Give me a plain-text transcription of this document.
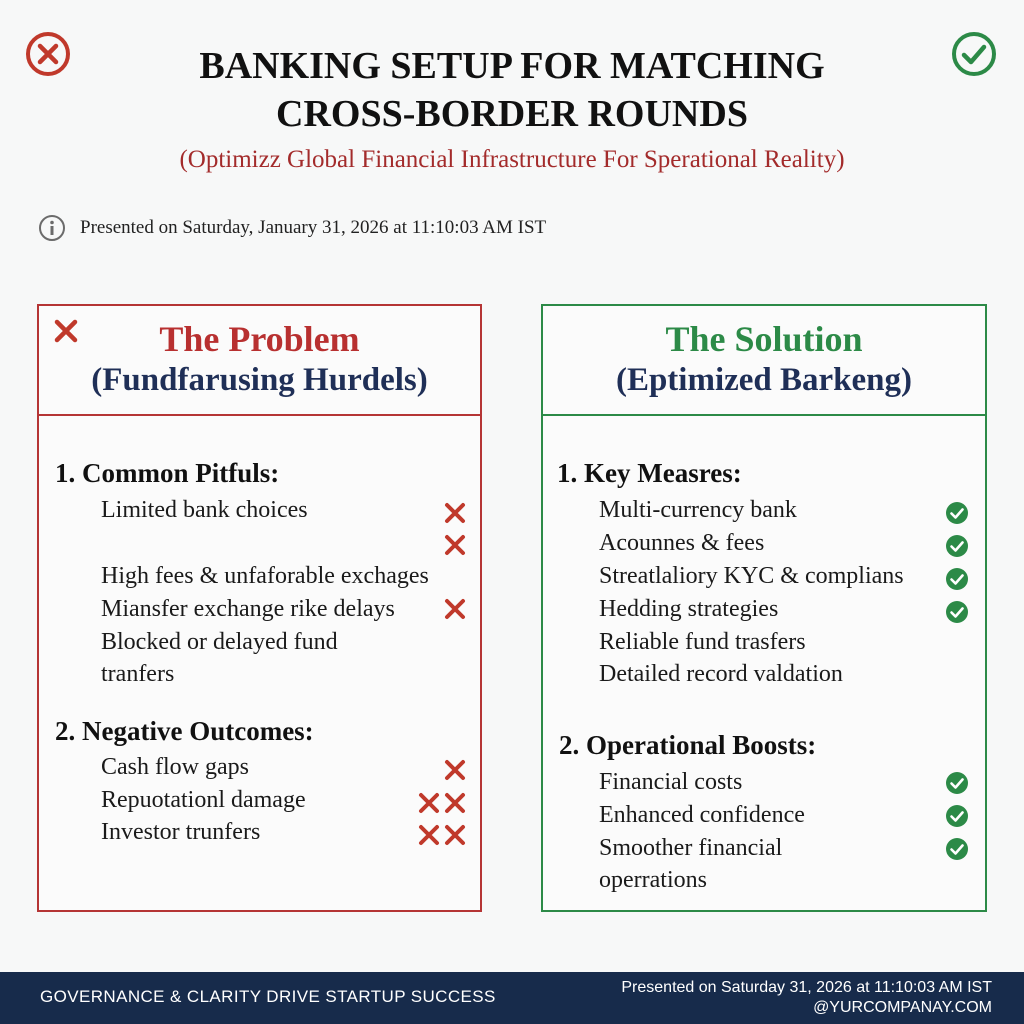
BANKING SETUP FOR MATCHING
CROSS-BORDER ROUNDS
(Optimizz Global Financial Infrastructure For Sperational Reality)
Presented on Saturday, January 31, 2026 at 11:10:03 AM IST
The Problem
(Fundfarusing Hurdels)
1. Common Pitfuls:
Limited bank choices
High fees & unfaforable exchages
Miansfer exchange rike delays
Blocked or delayed fund
tranfers
2. Negative Outcomes:
Cash flow gaps
Repuotationl damage
Investor trunfers
The Solution
(Eptimized Barkeng)
1. Key Measres:
Multi-currency bank
Acounnes & fees
Streatlaliory KYC & complians
Hedding strategies
Reliable fund trasfers
Detailed record valdation
2. Operational Boosts:
Financial costs
Enhanced confidence
Smoother financial
operrations
GOVERNANCE & CLARITY DRIVE STARTUP SUCCESS	Presented on Saturday 31, 2026 at 11:10:03 AM IST
@YURCOMPANAY.COM
